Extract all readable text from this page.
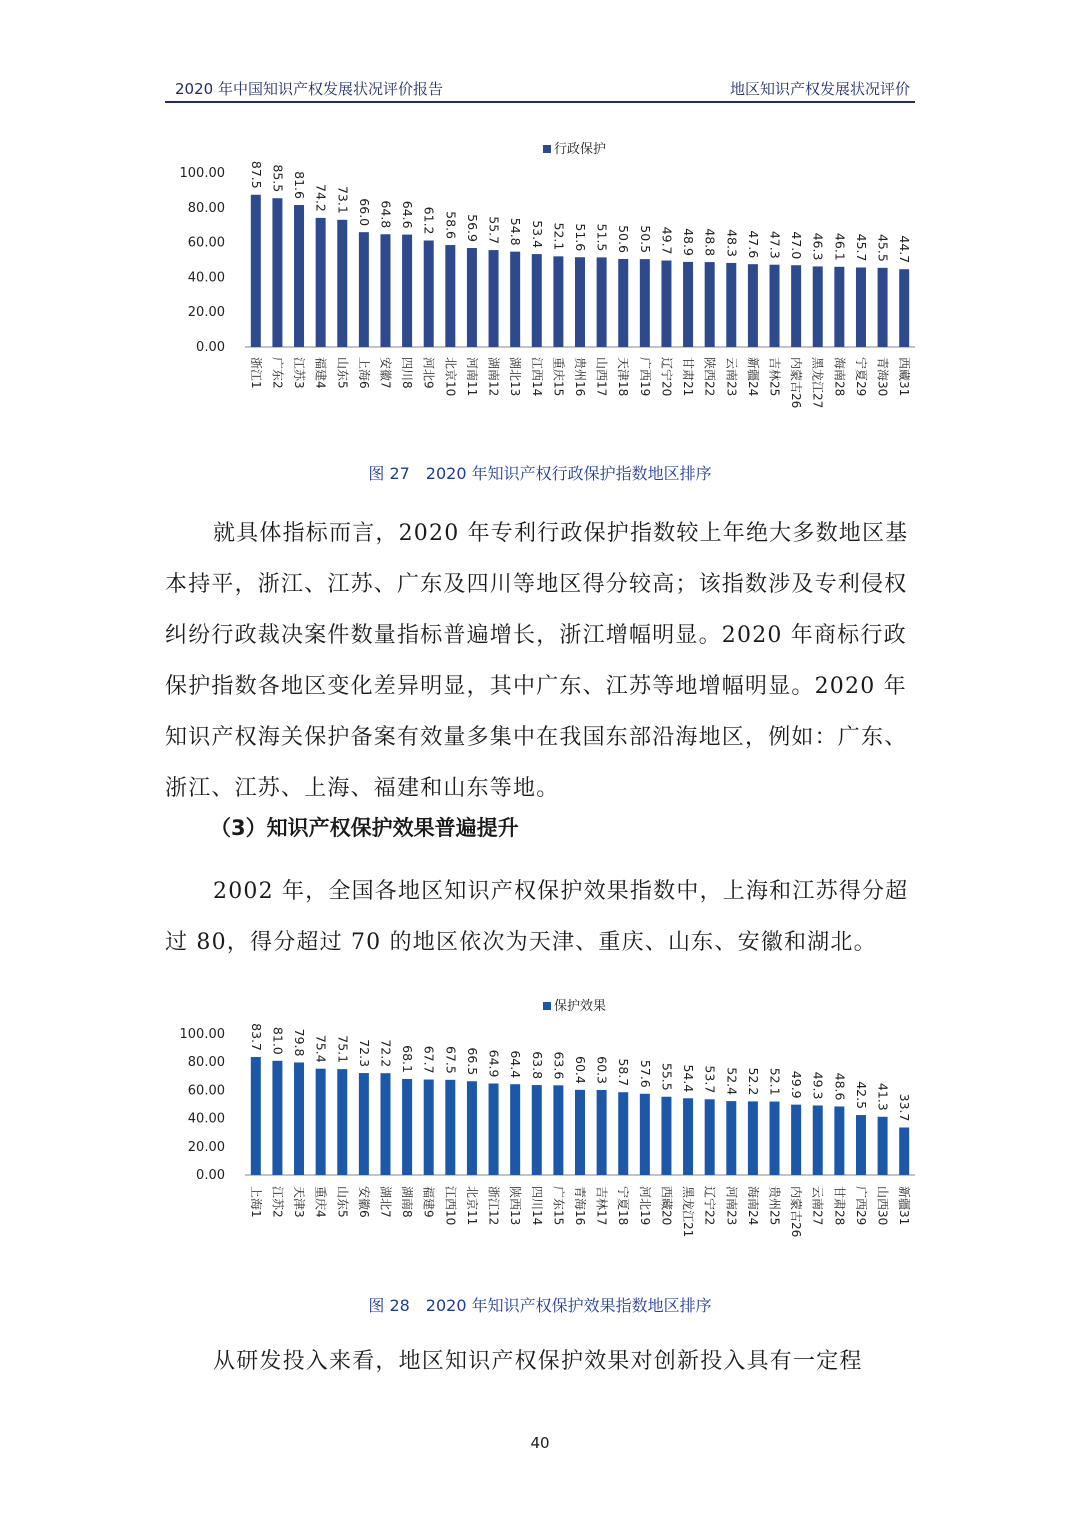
2020 年中国知识产权发展状况评价报告	地区知识产权发展状况评价
行政保护
0.00
20.00
40.00
60.00
80.00
100.00 87.5
浙江1
85.5
广东2
81.6
江苏3
74.2
福建4
73.1
山东5
66.0
上海6
64.8
安徽7
64.6
四川8
61.2
河北9
58.6
北京10
56.9
河南11
55.7
湖南12
54.8
湖北13
53.4
江西14
52.1
重庆15
51.6
贵州16
51.5
山西17
50.6
天津18
50.5
广西19
49.7
辽宁20
48.9
甘肃21
48.8
陕西22
48.3
云南23
47.6
新疆24
47.3
吉林25
47.0
内蒙古26
46.3
黑龙江27
46.1
海南28
45.7
宁夏29
45.5
青海30
44.7
西藏31
图 27　2020 年知识产权行政保护指数地区排序

就具体指标而言，2020 年专利行政保护指数较上年绝大多数地区基本持平，浙江、江苏、广东及四川等地区得分较高；该指数涉及专利侵权纠纷行政裁决案件数量指标普遍增长，浙江增幅明显。2020 年商标行政保护指数各地区变化差异明显，其中广东、江苏等地增幅明显。2020 年知识产权海关保护备案有效量多集中在我国东部沿海地区，例如：广东、浙江、江苏、上海、福建和山东等地。

（3）知识产权保护效果普遍提升

2002 年，全国各地区知识产权保护效果指数中，上海和江苏得分超过 80，得分超过 70 的地区依次为天津、重庆、山东、安徽和湖北。

保护效果
0.00
20.00
40.00
60.00
80.00
100.00 83.7
上海1
81.0
江苏2
79.8
天津3
75.4
重庆4
75.1
山东5
72.3
安徽6
72.2
湖北7
68.1
湖南8
67.7
福建9
67.5
江西10
66.5
北京11
64.9
浙江12
64.4
陕西13
63.8
四川14
63.6
广东15
60.4
青海16
60.3
吉林17
58.7
宁夏18
57.6
河北19
55.5
西藏20
54.4
黑龙江21
53.7
辽宁22
52.4
河南23
52.2
海南24
52.1
贵州25
49.9
内蒙古26
49.3
云南27
48.6
甘肃28
42.5
广西29
41.3
山西30
33.7
新疆31
图 28　2020 年知识产权保护效果指数地区排序

从研发投入来看，地区知识产权保护效果对创新投入具有一定程

40
